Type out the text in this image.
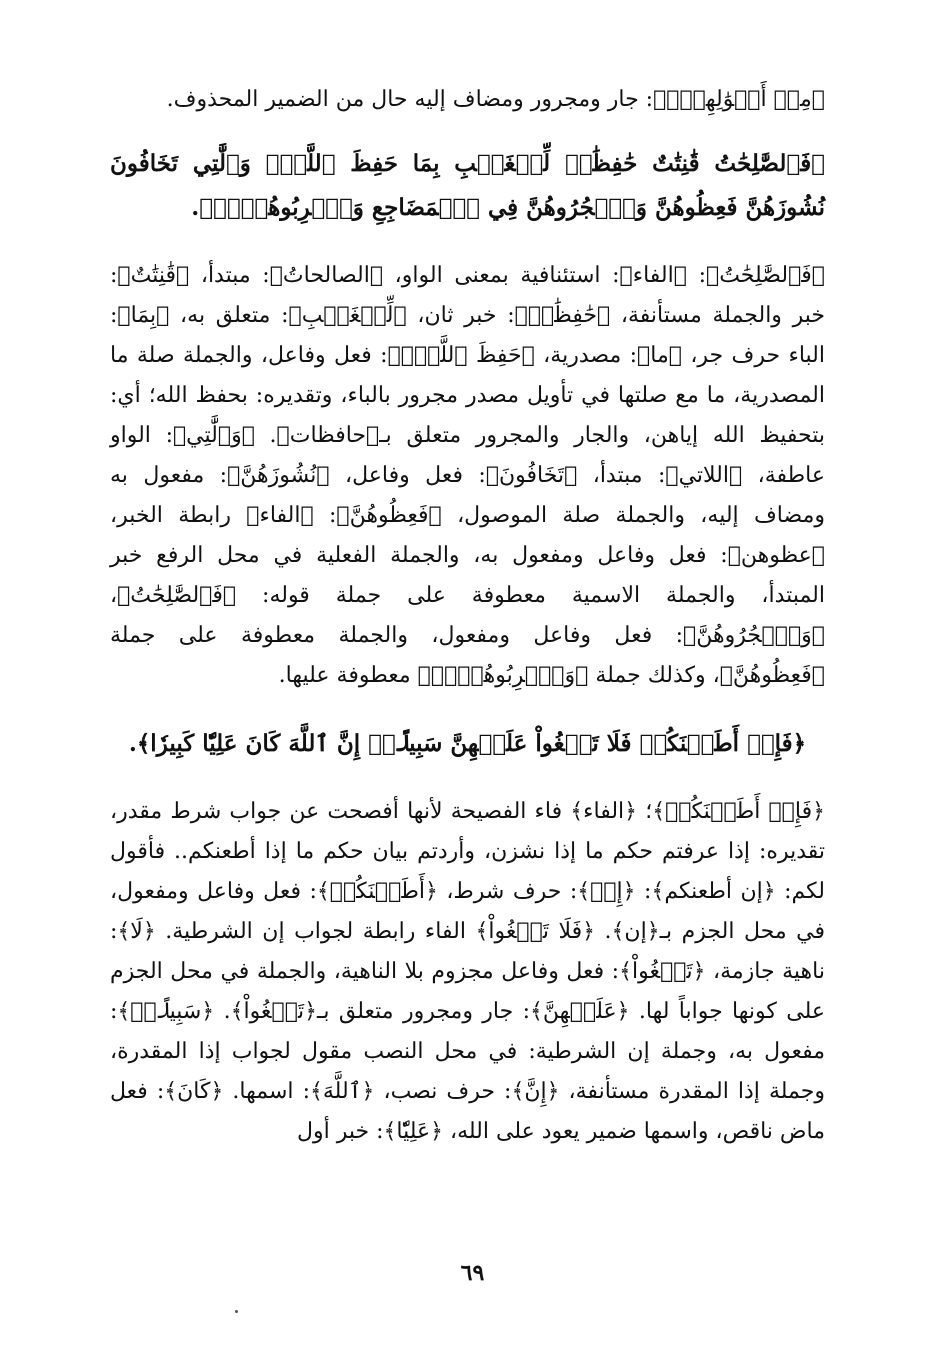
﴿مِنۡ أَمۡوَٰلِهِمۡۚ﴾: جار ومجرور ومضاف إليه حال من الضمير المحذوف.

﴿فَٱلصَّٰلِحَٰتُ قَٰنِتَٰتٌ حَٰفِظَٰتٞ لِّلۡغَيۡبِ بِمَا حَفِظَ ٱللَّهُۚ وَٱلَّٰتِي تَخَافُونَ نُشُوزَهُنَّ فَعِظُوهُنَّ وَٱهۡجُرُوهُنَّ فِي ٱلۡمَضَاجِعِ وَٱضۡرِبُوهُنَّۖ﴾.

﴿فَٱلصَّٰلِحَٰتُ﴾: ﴿الفاء﴾: استئنافية بمعنى الواو، ﴿الصالحاتُ﴾: مبتدأ، ﴿قَٰنِتَٰتٌ﴾: خبر والجملة مستأنفة، ﴿حَٰفِظَٰتٞ﴾: خبر ثان، ﴿لِّلۡغَيۡبِ﴾: متعلق به، ﴿بِمَا﴾: الباء حرف جر، ﴿ما﴾: مصدرية، ﴿حَفِظَ ٱللَّهُۚ﴾: فعل وفاعل، والجملة صلة ما المصدرية، ما مع صلتها في تأويل مصدر مجرور بالباء، وتقديره: بحفظ الله؛ أي: بتحفيظ الله إياهن، والجار والمجرور متعلق بـ﴿حافظات﴾. ﴿وَٱلَّٰتِي﴾: الواو عاطفة، ﴿اللاتي﴾: مبتدأ، ﴿تَخَافُونَ﴾: فعل وفاعل، ﴿نُشُوزَهُنَّ﴾: مفعول به ومضاف إليه، والجملة صلة الموصول، ﴿فَعِظُوهُنَّ﴾: ﴿الفاء﴾ رابطة الخبر، ﴿عظوهن﴾: فعل وفاعل ومفعول به، والجملة الفعلية في محل الرفع خبر المبتدأ، والجملة الاسمية معطوفة على جملة قوله: ﴿فَٱلصَّٰلِحَٰتُ﴾، ﴿وَٱهۡجُرُوهُنَّ﴾: فعل وفاعل ومفعول، والجملة معطوفة على جملة ﴿فَعِظُوهُنَّ﴾، وكذلك جملة ﴿وَٱضۡرِبُوهُنَّۖ﴾ معطوفة عليها.

﴿فَإِنۡ أَطَعۡنَكُمۡ فَلَا تَبۡغُواْ عَلَيۡهِنَّ سَبِيلًاۗ إِنَّ ٱللَّهَ كَانَ عَلِيّٗا كَبِيرٗا﴾.

﴿فَإِنۡ أَطَعۡنَكُمۡ﴾؛ ﴿الفاء﴾ فاء الفصيحة لأنها أفصحت عن جواب شرط مقدر، تقديره: إذا عرفتم حكم ما إذا نشزن، وأردتم بيان حكم ما إذا أطعنكم.. فأقول لكم: ﴿إن أطعنكم﴾: ﴿إِنۡ﴾: حرف شرط، ﴿أَطَعۡنَكُمۡ﴾: فعل وفاعل ومفعول، في محل الجزم بـ﴿إن﴾. ﴿فَلَا تَبۡغُواْ﴾ الفاء رابطة لجواب إن الشرطية. ﴿لَا﴾: ناهية جازمة، ﴿تَبۡغُواْ﴾: فعل وفاعل مجزوم بلا الناهية، والجملة في محل الجزم على كونها جواباً لها. ﴿عَلَيۡهِنَّ﴾: جار ومجرور متعلق بـ﴿تَبۡغُواْ﴾. ﴿سَبِيلًاۗ﴾: مفعول به، وجملة إن الشرطية: في محل النصب مقول لجواب إذا المقدرة، وجملة إذا المقدرة مستأنفة، ﴿إِنَّ﴾: حرف نصب، ﴿ٱللَّهَ﴾: اسمها. ﴿كَانَ﴾: فعل ماض ناقص، واسمها ضمير يعود على الله، ﴿عَلِيّٗا﴾: خبر أول

٦٩
